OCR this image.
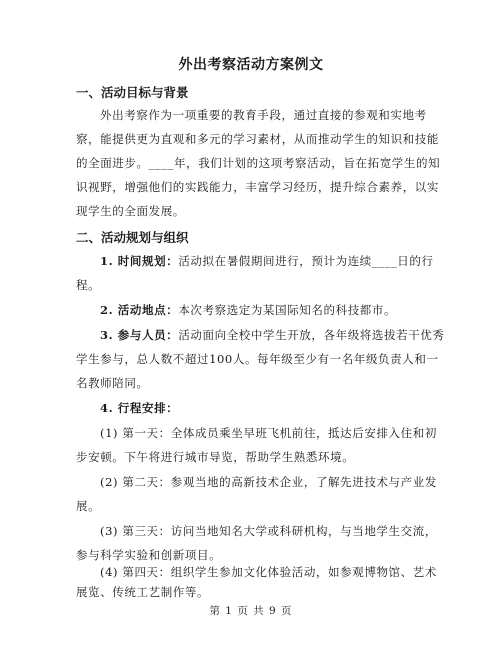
外出考察活动方案例文
一、活动目标与背景
外出考察作为一项重要的教育手段，通过直接的参观和实地考
察，能提供更为直观和多元的学习素材，从而推动学生的知识和技能
的全面进步。____年，我们计划的这项考察活动，旨在拓宽学生的知
识视野，增强他们的实践能力，丰富学习经历，提升综合素养，以实
现学生的全面发展。
二、活动规划与组织
1. 时间规划：活动拟在暑假期间进行，预计为连续____日的行
程。
2. 活动地点：本次考察选定为某国际知名的科技都市。
3. 参与人员：活动面向全校中学生开放，各年级将选拔若干优秀
学生参与，总人数不超过100人。每年级至少有一名年级负责人和一
名教师陪同。
4. 行程安排：
(1) 第一天：全体成员乘坐早班飞机前往，抵达后安排入住和初
步安顿。下午将进行城市导览，帮助学生熟悉环境。
(2) 第二天：参观当地的高新技术企业，了解先进技术与产业发
展。
(3) 第三天：访问当地知名大学或科研机构，与当地学生交流，
参与科学实验和创新项目。
(4) 第四天：组织学生参加文化体验活动，如参观博物馆、艺术
第 1 页 共 9 页
展览、传统工艺制作等。
